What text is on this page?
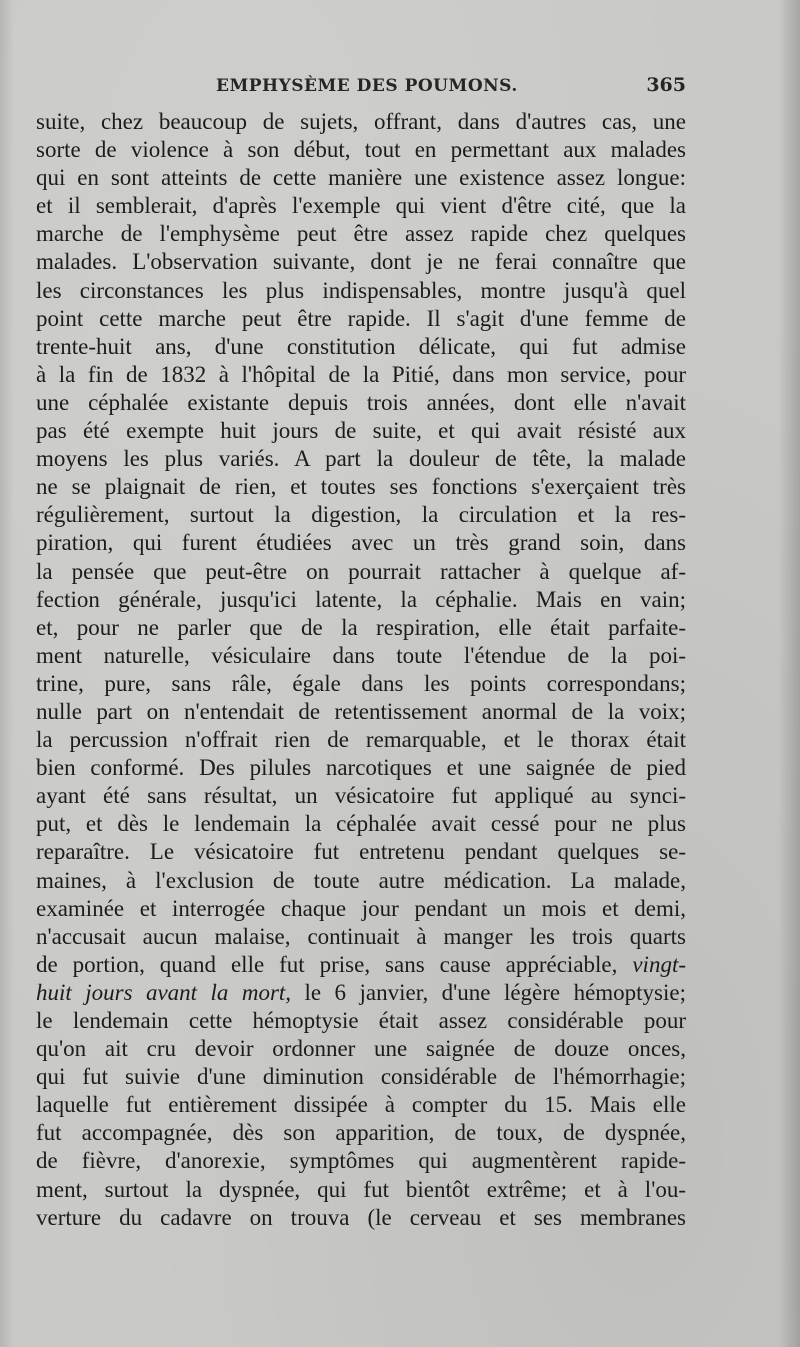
EMPHYSÈME DES POUMONS.	365
suite, chez beaucoup de sujets, offrant, dans d'autres cas, une
sorte de violence à son début, tout en permettant aux malades
qui en sont atteints de cette manière une existence assez longue:
et il semblerait, d'après l'exemple qui vient d'être cité, que la
marche de l'emphysème peut être assez rapide chez quelques
malades. L'observation suivante, dont je ne ferai connaître que
les circonstances les plus indispensables, montre jusqu'à quel
point cette marche peut être rapide. Il s'agit d'une femme de
trente-huit ans, d'une constitution délicate, qui fut admise
à la fin de 1832 à l'hôpital de la Pitié, dans mon service, pour
une céphalée existante depuis trois années, dont elle n'avait
pas été exempte huit jours de suite, et qui avait résisté aux
moyens les plus variés. A part la douleur de tête, la malade
ne se plaignait de rien, et toutes ses fonctions s'exerçaient très
régulièrement, surtout la digestion, la circulation et la res-
piration, qui furent étudiées avec un très grand soin, dans
la pensée que peut-être on pourrait rattacher à quelque af-
fection générale, jusqu'ici latente, la céphalie. Mais en vain;
et, pour ne parler que de la respiration, elle était parfaite-
ment naturelle, vésiculaire dans toute l'étendue de la poi-
trine, pure, sans râle, égale dans les points correspondans;
nulle part on n'entendait de retentissement anormal de la voix;
la percussion n'offrait rien de remarquable, et le thorax était
bien conformé. Des pilules narcotiques et une saignée de pied
ayant été sans résultat, un vésicatoire fut appliqué au synci-
put, et dès le lendemain la céphalée avait cessé pour ne plus
reparaître. Le vésicatoire fut entretenu pendant quelques se-
maines, à l'exclusion de toute autre médication. La malade,
examinée et interrogée chaque jour pendant un mois et demi,
n'accusait aucun malaise, continuait à manger les trois quarts
de portion, quand elle fut prise, sans cause appréciable, vingt-
huit jours avant la mort, le 6 janvier, d'une légère hémoptysie;
le lendemain cette hémoptysie était assez considérable pour
qu'on ait cru devoir ordonner une saignée de douze onces,
qui fut suivie d'une diminution considérable de l'hémorrhagie;
laquelle fut entièrement dissipée à compter du 15. Mais elle
fut accompagnée, dès son apparition, de toux, de dyspnée,
de fièvre, d'anorexie, symptômes qui augmentèrent rapide-
ment, surtout la dyspnée, qui fut bientôt extrême; et à l'ou-
verture du cadavre on trouva (le cerveau et ses membranes
